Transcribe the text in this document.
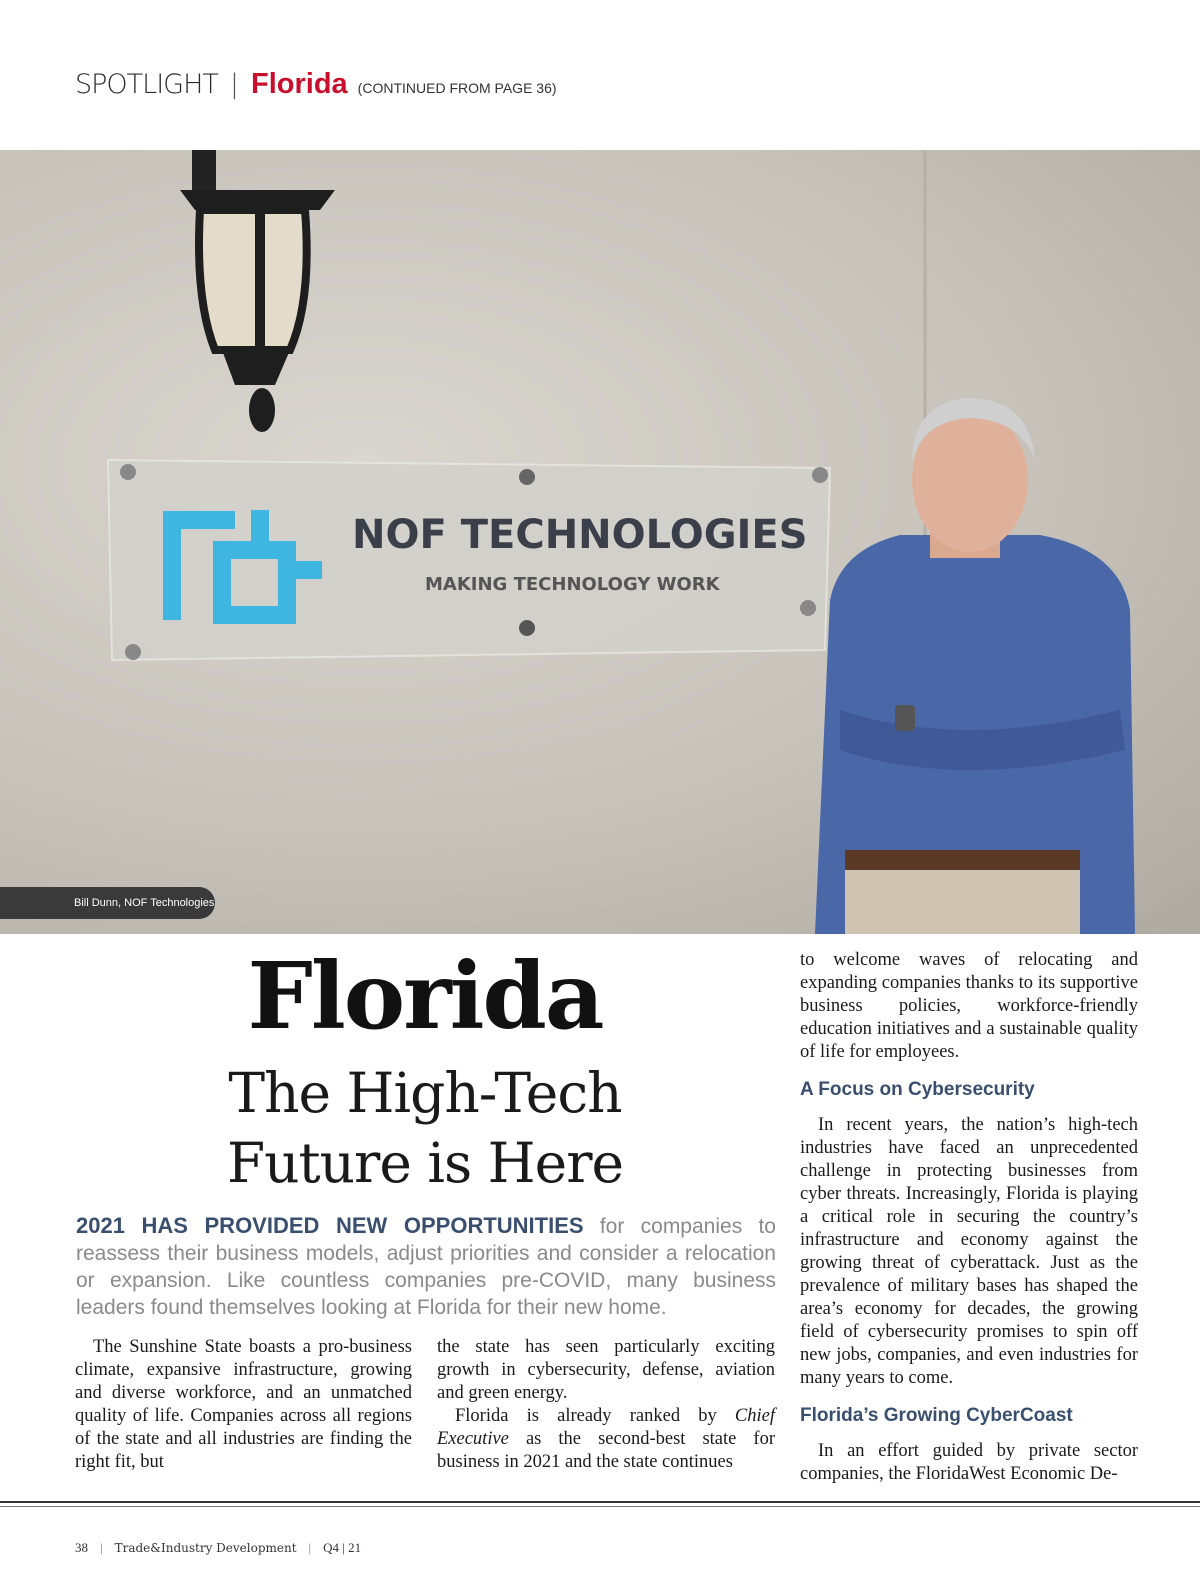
SPOTLIGHT | Florida (CONTINUED FROM PAGE 36)
NOF TECHNOLOGIES
MAKING TECHNOLOGY WORK
Bill Dunn, NOF Technologies
Florida
The High-Tech
Future is Here
2021 HAS PROVIDED NEW OPPORTUNITIES for companies to reassess their business models, adjust priorities and consider a relocation or expansion. Like countless companies pre-COVID, many business leaders found themselves looking at Florida for their new home.

The Sunshine State boasts a pro-business climate, expansive infrastructure, growing and diverse workforce, and an unmatched quality of life. Companies across all regions of the state and all industries are finding the right fit, but

the state has seen particularly exciting growth in cybersecurity, defense, aviation and green energy.

Florida is already ranked by Chief Executive as the second-best state for business in 2021 and the state continues

to welcome waves of relocating and expanding companies thanks to its supportive business policies, workforce-friendly education initiatives and a sustainable quality of life for employees.

A Focus on Cybersecurity

In recent years, the nation’s high-tech industries have faced an unprecedented challenge in protecting businesses from cyber threats. Increasingly, Florida is playing a critical role in securing the country’s infrastructure and economy against the growing threat of cyberattack. Just as the prevalence of military bases has shaped the area’s economy for decades, the growing field of cybersecurity promises to spin off new jobs, companies, and even industries for many years to come.

Florida’s Growing CyberCoast

In an effort guided by private sector companies, the FloridaWest Economic De-

38 | Trade&Industry Development | Q4 | 21
